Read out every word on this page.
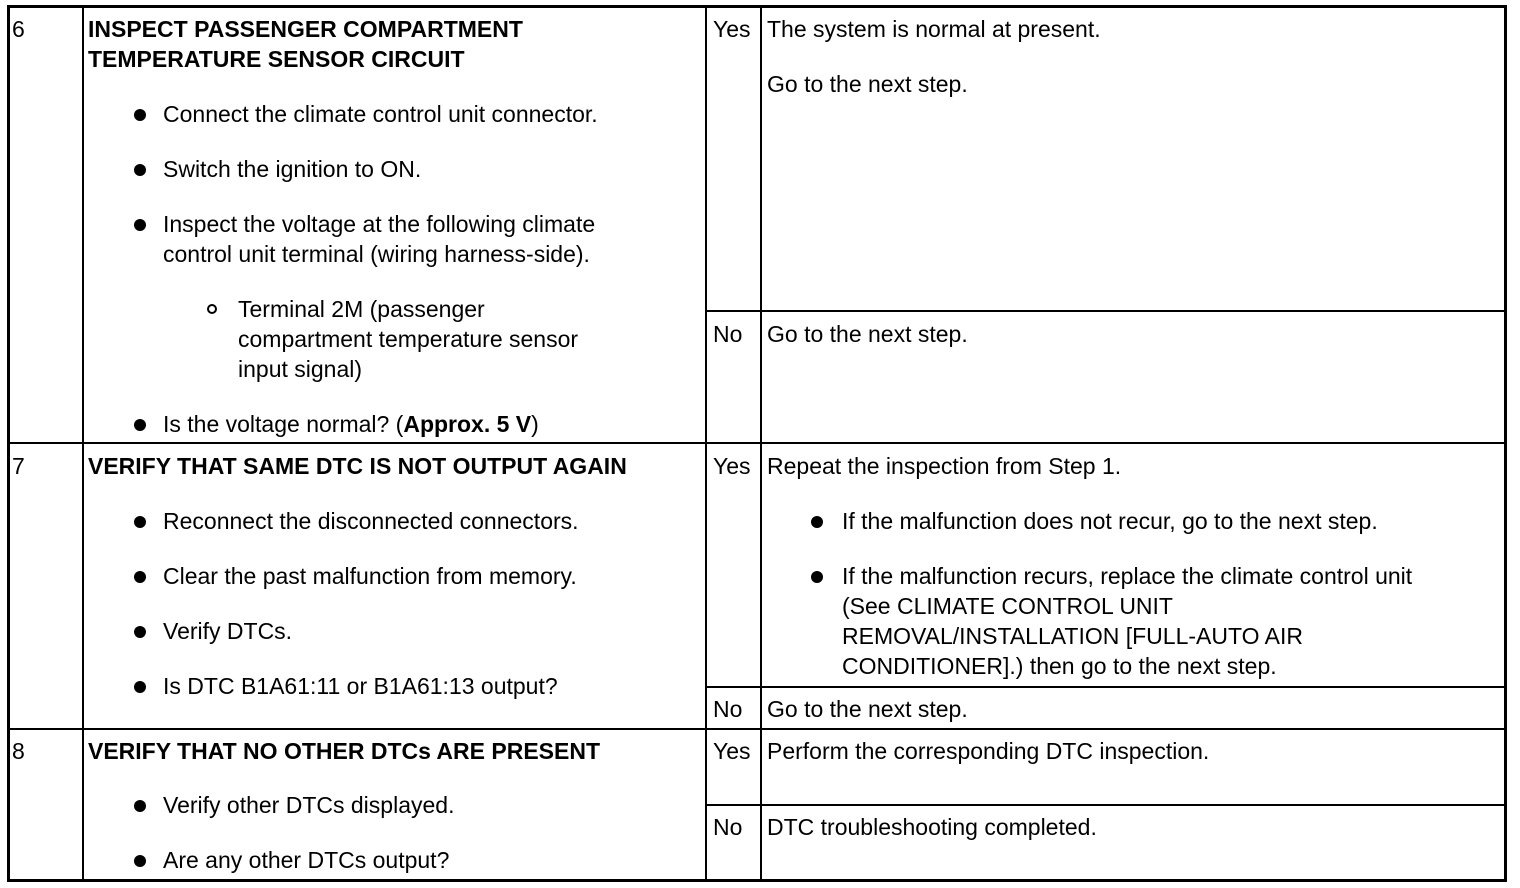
6	INSPECT PASSENGER COMPARTMENT
TEMPERATURE SENSOR CIRCUIT
Connect the climate control unit connector.
Switch the ignition to ON.
Inspect the voltage at the following climate
control unit terminal (wiring harness-side).
Terminal 2M (passenger
compartment temperature sensor
input signal)
Is the voltage normal? (Approx. 5 V)
Yes The system is normal at present.
Go to the next step.
No Go to the next step.
7	VERIFY THAT SAME DTC IS NOT OUTPUT AGAIN
Reconnect the disconnected connectors.
Clear the past malfunction from memory.
Verify DTCs.
Is DTC B1A61:11 or B1A61:13 output?
Yes Repeat the inspection from Step 1.
If the malfunction does not recur, go to the next step.
If the malfunction recurs, replace the climate control unit
(See CLIMATE CONTROL UNIT
REMOVAL/INSTALLATION [FULL-AUTO AIR
CONDITIONER].) then go to the next step.
No Go to the next step.
8	VERIFY THAT NO OTHER DTCs ARE PRESENT
Verify other DTCs displayed.
Are any other DTCs output?
Yes Perform the corresponding DTC inspection.
No DTC troubleshooting completed.
